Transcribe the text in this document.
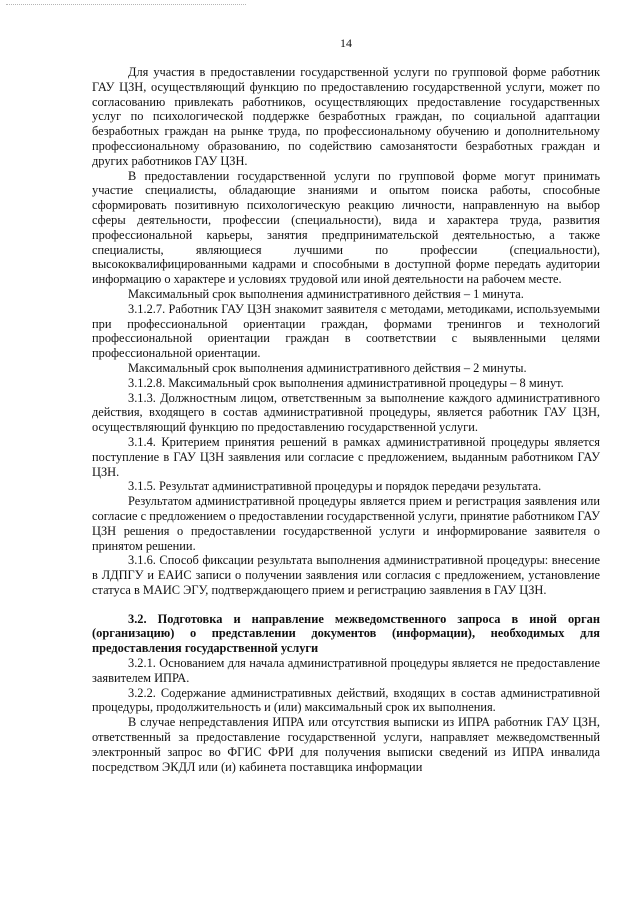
14

Для участия в предоставлении государственной услуги по групповой форме работник ГАУ ЦЗН, осуществляющий функцию по предоставлению государственной услуги, может по согласованию привлекать работников, осуществляющих предоставление государственных услуг по психологической поддержке безработных граждан, по социальной адаптации безработных граждан на рынке труда, по профессиональному обучению и дополнительному профессиональному образованию, по содействию самозанятости безработных граждан и других работников ГАУ ЦЗН.

В предоставлении государственной услуги по групповой форме могут принимать участие специалисты, обладающие знаниями и опытом поиска работы, способные сформировать позитивную психологическую реакцию личности, направленную на выбор сферы деятельности, профессии (специальности), вида и характера труда, развития профессиональной карьеры, занятия предпринимательской деятельностью, а также специалисты, являющиеся лучшими по профессии (специальности), высококвалифицированными кадрами и способными в доступной форме передать аудитории информацию о характере и условиях трудовой или иной деятельности на рабочем месте.

Максимальный срок выполнения административного действия – 1 минута.

3.1.2.7. Работник ГАУ ЦЗН знакомит заявителя с методами, методиками, используемыми при профессиональной ориентации граждан, формами тренингов и технологий профессиональной ориентации граждан в соответствии с выявленными целями профессиональной ориентации.

Максимальный срок выполнения административного действия – 2 минуты.

3.1.2.8. Максимальный срок выполнения административной процедуры – 8 минут.

3.1.3. Должностным лицом, ответственным за выполнение каждого административного действия, входящего в состав административной процедуры, является работник ГАУ ЦЗН, осуществляющий функцию по предоставлению государственной услуги.

3.1.4. Критерием принятия решений в рамках административной процедуры является поступление в ГАУ ЦЗН заявления или согласие с предложением, выданным работником ГАУ ЦЗН.

3.1.5. Результат административной процедуры и порядок передачи результата.

Результатом административной процедуры является прием и регистрация заявления или согласие с предложением о предоставлении государственной услуги, принятие работником ГАУ ЦЗН решения о предоставлении государственной услуги и информирование заявителя о принятом решении.

3.1.6. Способ фиксации результата выполнения административной процедуры: внесение в ЛДПГУ и ЕАИС записи о получении заявления или согласия с предложением, установление статуса в МАИС ЭГУ, подтверждающего прием и регистрацию заявления в ГАУ ЦЗН.

3.2. Подготовка и направление межведомственного запроса в иной орган (организацию) о представлении документов (информации), необходимых для предоставления государственной услуги

3.2.1. Основанием для начала административной процедуры является не предоставление заявителем ИПРА.

3.2.2. Содержание административных действий, входящих в состав административной процедуры, продолжительность и (или) максимальный срок их выполнения.

В случае непредставления ИПРА или отсутствия выписки из ИПРА работник ГАУ ЦЗН, ответственный за предоставление государственной услуги, направляет межведомственный электронный запрос во ФГИС ФРИ для получения выписки сведений из ИПРА инвалида посредством ЭКДЛ или (и) кабинета поставщика информации
